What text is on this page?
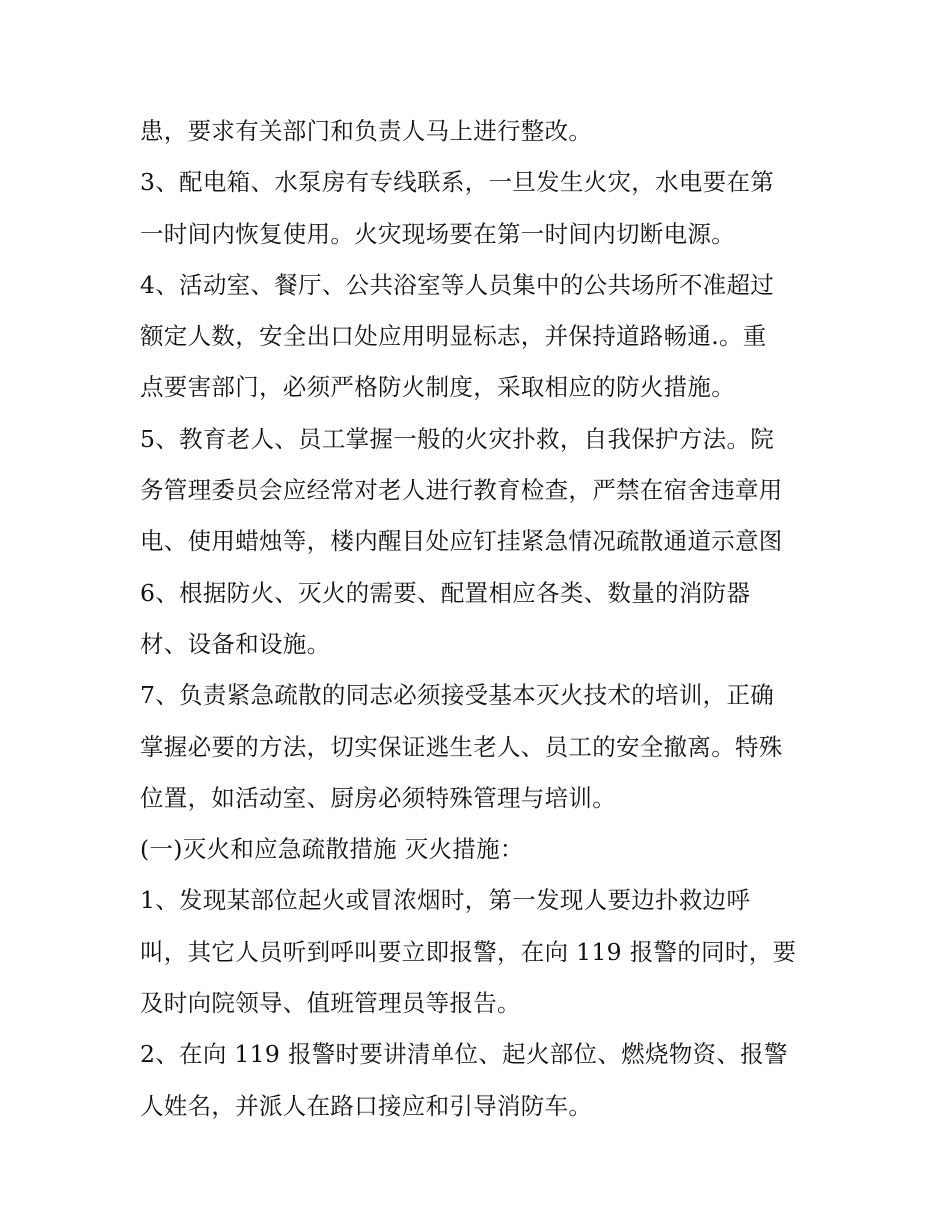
患，要求有关部门和负责人马上进行整改。
3、配电箱、水泵房有专线联系，一旦发生火灾，水电要在第
一时间内恢复使用。火灾现场要在第一时间内切断电源。
4、活动室、餐厅、公共浴室等人员集中的公共场所不准超过
额定人数，安全出口处应用明显标志，并保持道路畅通.。重
点要害部门，必须严格防火制度，采取相应的防火措施。
5、教育老人、员工掌握一般的火灾扑救，自我保护方法。院
务管理委员会应经常对老人进行教育检查，严禁在宿舍违章用
电、使用蜡烛等，楼内醒目处应钉挂紧急情况疏散通道示意图
6、根据防火、灭火的需要、配置相应各类、数量的消防器
材、设备和设施。
7、负责紧急疏散的同志必须接受基本灭火技术的培训，正确
掌握必要的方法，切实保证逃生老人、员工的安全撤离。特殊
位置，如活动室、厨房必须特殊管理与培训。
(一)灭火和应急疏散措施 灭火措施：
1、发现某部位起火或冒浓烟时，第一发现人要边扑救边呼
叫，其它人员听到呼叫要立即报警，在向 119 报警的同时，要
及时向院领导、值班管理员等报告。
2、在向 119 报警时要讲清单位、起火部位、燃烧物资、报警
人姓名，并派人在路口接应和引导消防车。
